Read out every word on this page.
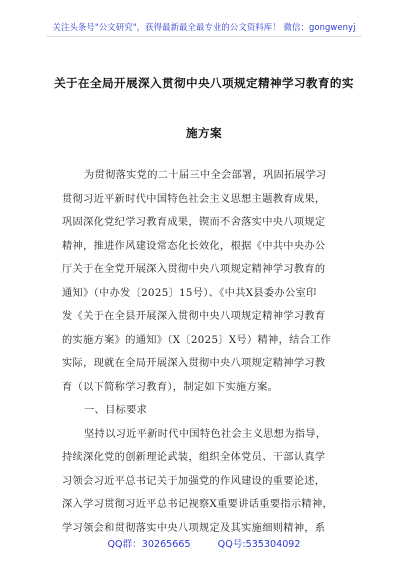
关注头条号"公文研究"，获得最新最全最专业的公文资料库！ 微信：gongwenyj
关于在全局开展深入贯彻中央八项规定精神学习教育的实
施方案
为贯彻落实党的二十届三中全会部署，巩固拓展学习
贯彻习近平新时代中国特色社会主义思想主题教育成果，
巩固深化党纪学习教育成果，锲而不舍落实中央八项规定
精神，推进作风建设常态化长效化，根据《中共中央办公
厅关于在全党开展深入贯彻中央八项规定精神学习教育的
通知》（中办发〔2025〕15号）、《中共X县委办公室印
发《关于在全县开展深入贯彻中央八项规定精神学习教育
的实施方案》的通知》（X〔2025〕X号）精神，结合工作
实际，现就在全局开展深入贯彻中央八项规定精神学习教
育（以下简称学习教育），制定如下实施方案。
一、目标要求
坚持以习近平新时代中国特色社会主义思想为指导，
持续深化党的创新理论武装，组织全体党员、干部认真学
习领会习近平总书记关于加强党的作风建设的重要论述，
深入学习贯彻习近平总书记视察X重要讲话重要指示精神，
学习领会和贯彻落实中央八项规定及其实施细则精神，系
QQ群：30265665	QQ号:535304092
